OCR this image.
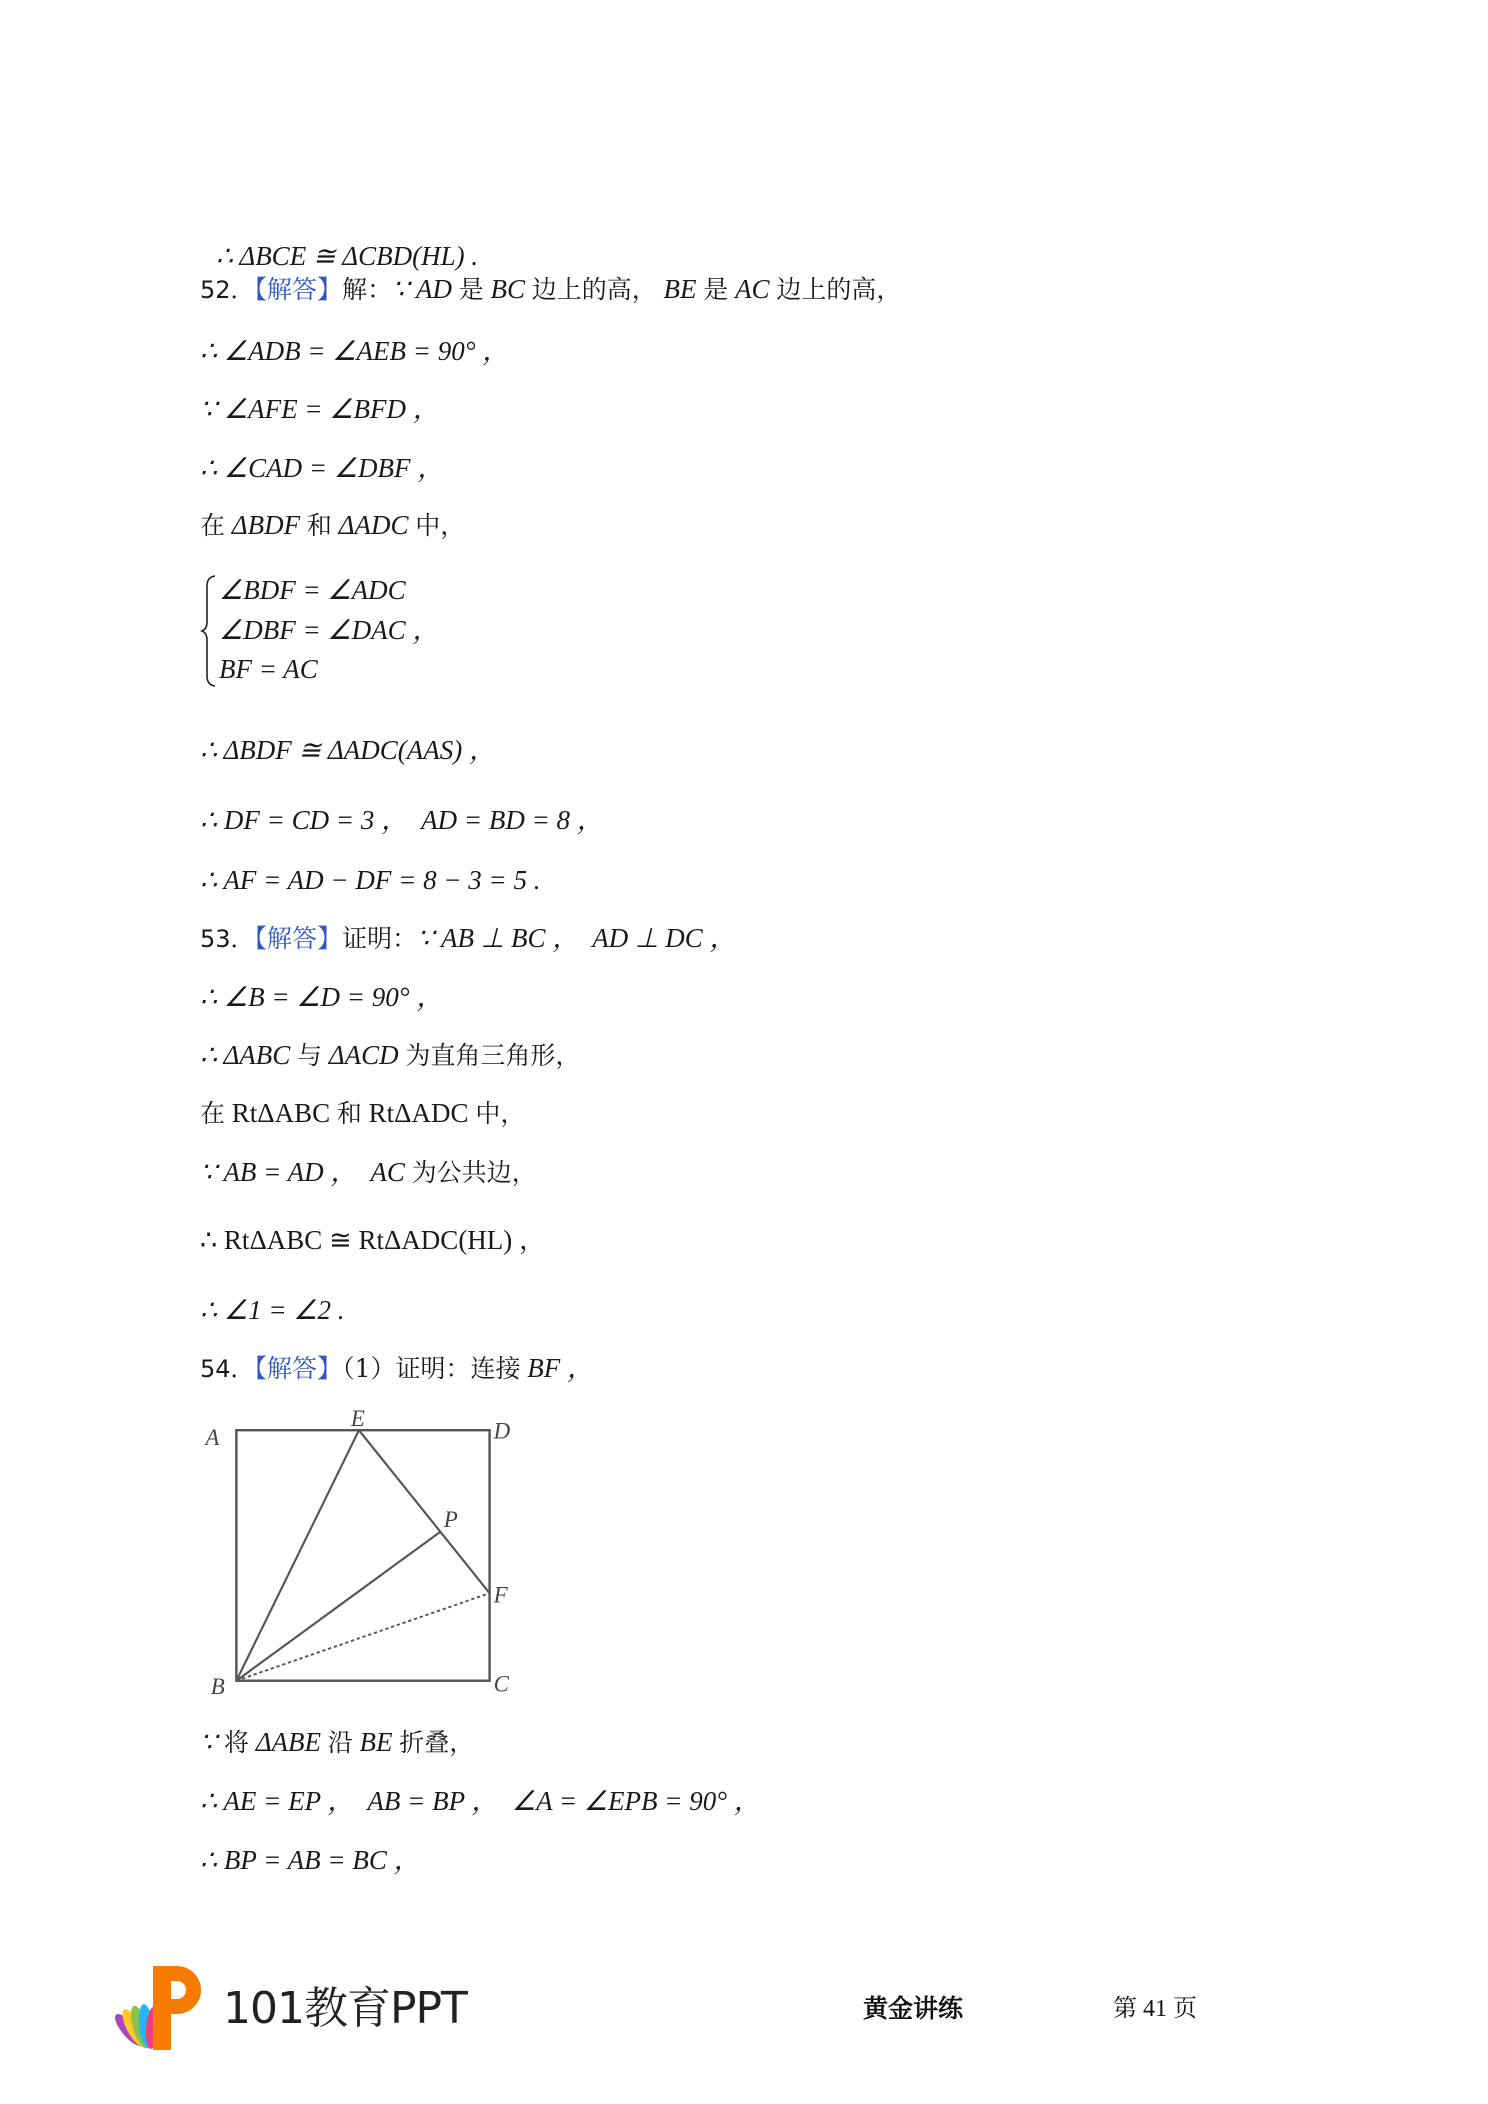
∴ ΔBCE ≅ ΔCBD(HL) .

52．【解答】解：∵ AD 是 BC 边上的高， BE 是 AC 边上的高，
∴ ∠ADB = ∠AEB = 90° ，
∵ ∠AFE = ∠BFD ，
∴ ∠CAD = ∠DBF ，
在 ΔBDF 和 ΔADC 中，
∠BDF = ∠ADC
∠DBF = ∠DAC ，
BF = AC
∴ ΔBDF ≅ ΔADC(AAS) ，
∴ DF = CD = 3 ，  AD = BD = 8 ，
∴ AF = AD − DF = 8 − 3 = 5 .
53．【解答】证明：∵ AB ⊥ BC ，  AD ⊥ DC ，
∴ ∠B = ∠D = 90° ，
∴ ΔABC 与 ΔACD 为直角三角形，
在 RtΔABC 和 RtΔADC 中，
∵ AB = AD ，  AC 为公共边，
∴ RtΔABC ≅ RtΔADC(HL) ，
∴ ∠1 = ∠2 .
54．【解答】（1）证明：连接 BF ，
A
E	D
P
F
B	C
∵ 将 ΔABE 沿 BE 折叠，
∴ AE = EP ，  AB = BP ，  ∠A = ∠EPB = 90° ，
∴ BP = AB = BC ，
101教育PPT	黄金讲练	第 41 页
